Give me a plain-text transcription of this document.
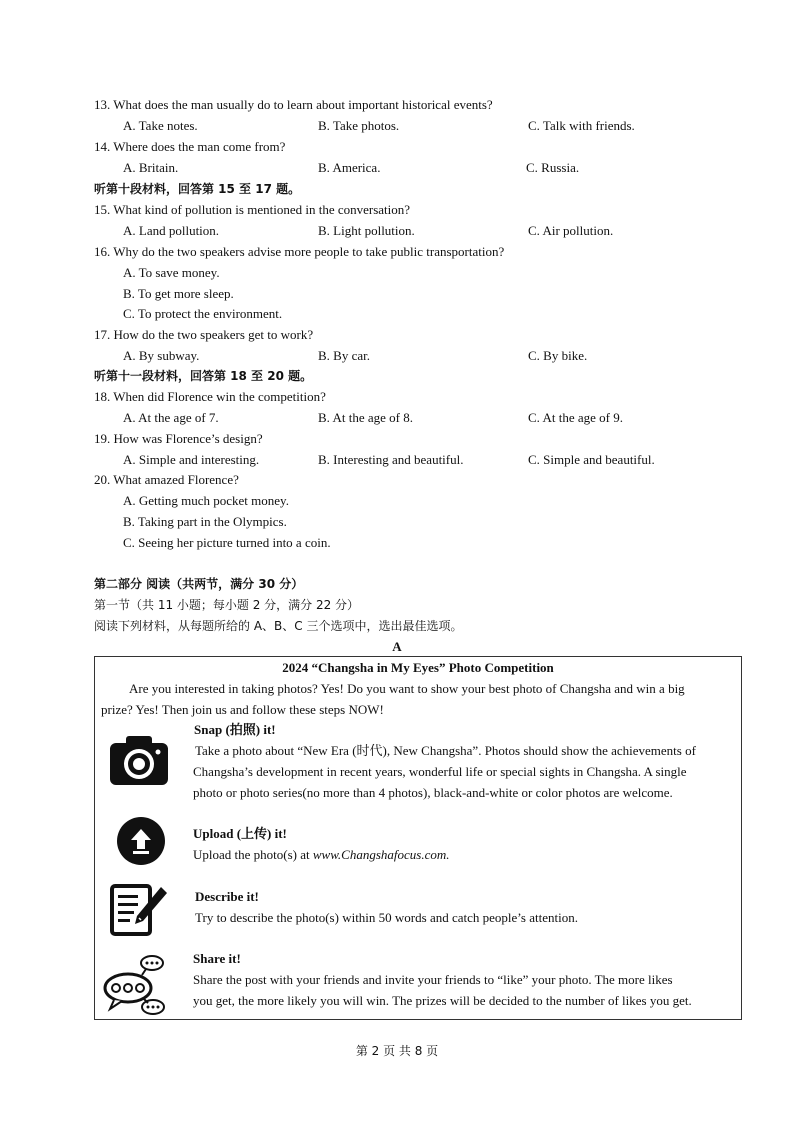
13. What does the man usually do to learn about important historical events?
A. Take notes.	B. Take photos.	C. Talk with friends.
14. Where does the man come from?
A. Britain.	B. America.	C. Russia.
听第十段材料，回答第 15 至 17 题。
15. What kind of pollution is mentioned in the conversation?
A. Land pollution.	B. Light pollution.	C. Air pollution.
16. Why do the two speakers advise more people to take public transportation?
A. To save money.
B. To get more sleep.
C. To protect the environment.
17. How do the two speakers get to work?
A. By subway.	B. By car.	C. By bike.
听第十一段材料，回答第 18 至 20 题。
18. When did Florence win the competition?
A. At the age of 7.	B. At the age of 8.	C. At the age of 9.
19. How was Florence’s design?
A. Simple and interesting.	B. Interesting and beautiful.	C. Simple and beautiful.
20. What amazed Florence?
A. Getting much pocket money.
B. Taking part in the Olympics.
C. Seeing her picture turned into a coin.
第二部分 阅读（共两节，满分 30 分）
第一节（共 11 小题；每小题 2 分，满分 22 分）
阅读下列材料，从每题所给的 A、B、C 三个选项中，选出最佳选项。
A
2024 “Changsha in My Eyes” Photo Competition
Are you interested in taking photos? Yes! Do you want to show your best photo of Changsha and win a big
prize? Yes! Then join us and follow these steps NOW!
Snap (拍照) it!
Take a photo about “New Era (时代), New Changsha”. Photos should show the achievements of
Changsha’s development in recent years, wonderful life or special sights in Changsha. A single
photo or photo series(no more than 4 photos), black-and-white or color photos are welcome.
Upload (上传) it!
Upload the photo(s) at www.Changshafocus.com.
Describe it!
Try to describe the photo(s) within 50 words and catch people’s attention.
Share it!
Share the post with your friends and invite your friends to “like” your photo. The more likes
you get, the more likely you will win. The prizes will be decided to the number of likes you get.
第 2 页 共 8 页
